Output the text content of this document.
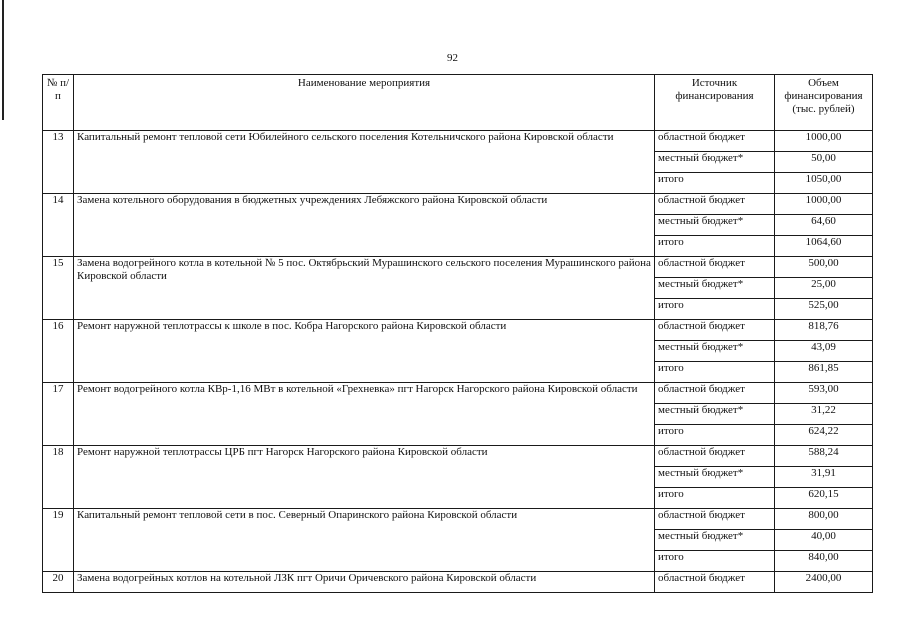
92
№ п/п	Наименование мероприятия	Источник финансирования	Объем финансирования (тыс. рублей)
13	Капитальный ремонт тепловой сети Юбилейного сельского поселения Котельничского района Кировской области	областной бюджет	1000,00
		местный бюджет*	50,00
		итого	1050,00
14	Замена котельного оборудования в бюджетных учреждениях Лебяжского района Кировской области	областной бюджет	1000,00
		местный бюджет*	64,60
		итого	1064,60
15	Замена водогрейного котла в котельной № 5 пос. Октябрьский Мурашинского сельского поселения Мурашинского района Кировской области	областной бюджет	500,00
		местный бюджет*	25,00
		итого	525,00
16	Ремонт наружной теплотрассы к школе в пос. Кобра Нагорского района Кировской области	областной бюджет	818,76
		местный бюджет*	43,09
		итого	861,85
17	Ремонт водогрейного котла КВр-1,16 МВт в котельной «Грехневка» пгт Нагорск Нагорского района Кировской области	областной бюджет	593,00
		местный бюджет*	31,22
		итого	624,22
18	Ремонт наружной теплотрассы ЦРБ пгт Нагорск Нагорского района Кировской области	областной бюджет	588,24
		местный бюджет*	31,91
		итого	620,15
19	Капитальный ремонт тепловой сети в пос. Северный Опаринского района Кировской области	областной бюджет	800,00
		местный бюджет*	40,00
		итого	840,00
20	Замена водогрейных котлов на котельной ЛЗК пгт Оричи Оричевского района Кировской области	областной бюджет	2400,00
